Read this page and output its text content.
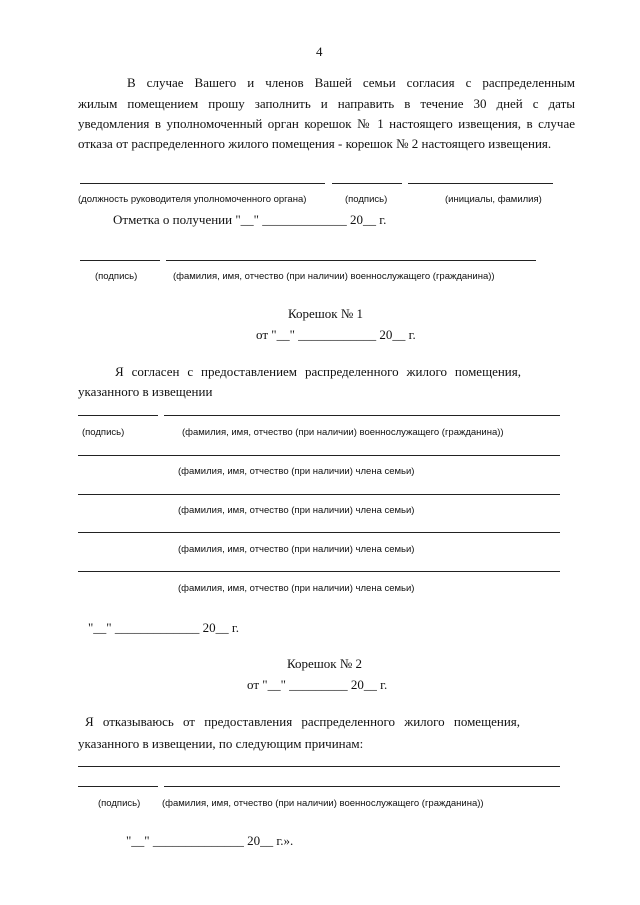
4
В случае Вашего и членов Вашей семьи согласия с распределенным
жилым помещением прошу заполнить и направить в течение 30 дней с даты
уведомления в уполномоченный орган корешок № 1 настоящего извещения, в случае
отказа от распределенного жилого помещения - корешок № 2 настоящего извещения.
(должность руководителя уполномоченного органа)	(подпись)	(инициалы, фамилия)
Отметка о получении "__" _____________ 20__ г.
(подпись)	(фамилия, имя, отчество (при наличии) военнослужащего (гражданина))
Корешок № 1
от "__" ____________ 20__ г.
Я согласен с предоставлением распределенного жилого помещения,
указанного в извещении
(подпись)	(фамилия, имя, отчество (при наличии) военнослужащего (гражданина))
(фамилия, имя, отчество (при наличии) члена семьи)
(фамилия, имя, отчество (при наличии) члена семьи)
(фамилия, имя, отчество (при наличии) члена семьи)
(фамилия, имя, отчество (при наличии) члена семьи)
"__" _____________ 20__ г.
Корешок № 2
от "__" _________ 20__ г.
Я отказываюсь от предоставления распределенного жилого помещения,
указанного в извещении, по следующим причинам:
(подпись) (фамилия, имя, отчество (при наличии) военнослужащего (гражданина))
"__" ______________ 20__ г.».
